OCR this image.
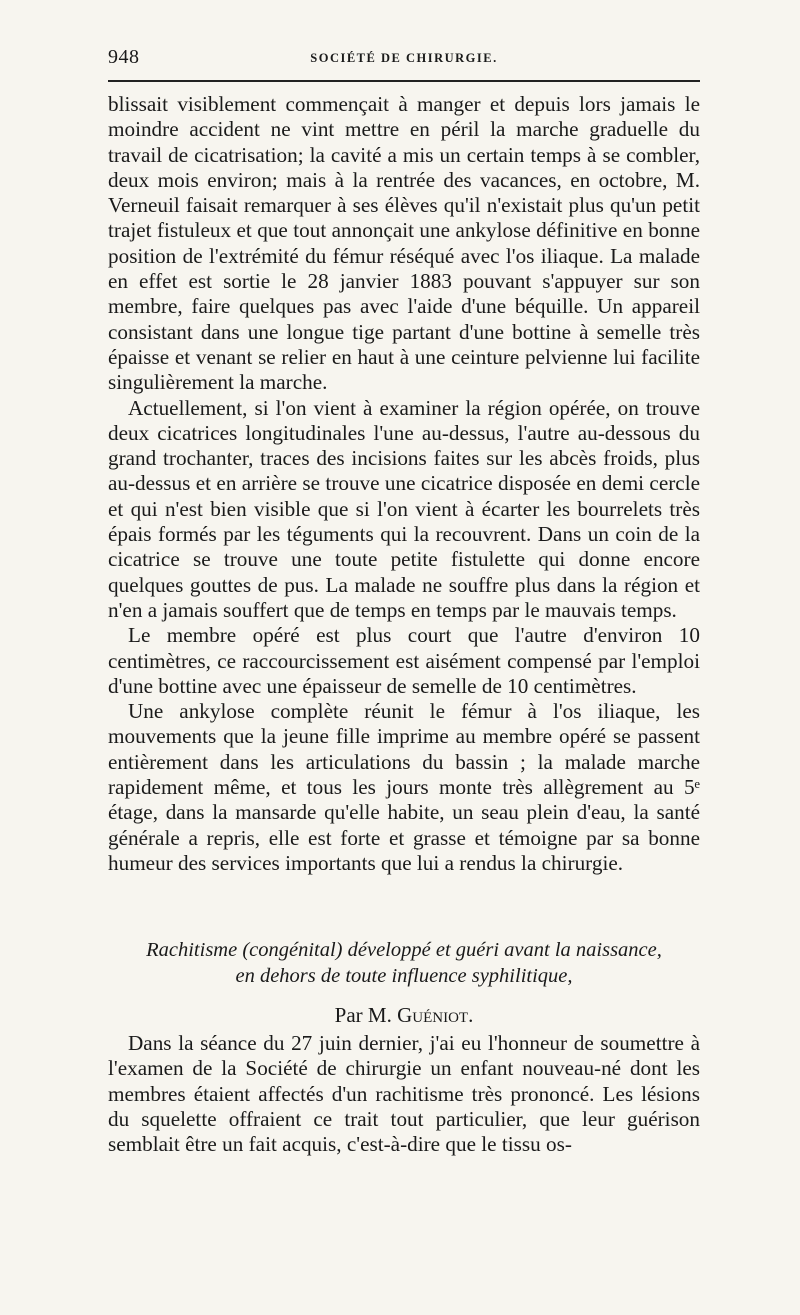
948	SOCIÉTÉ DE CHIRURGIE.

blissait visiblement commençait à manger et depuis lors jamais le moindre accident ne vint mettre en péril la marche graduelle du travail de cicatrisation; la cavité a mis un certain temps à se combler, deux mois environ; mais à la rentrée des vacances, en octobre, M. Verneuil faisait remarquer à ses élèves qu'il n'existait plus qu'un petit trajet fistuleux et que tout annonçait une ankylose définitive en bonne position de l'extrémité du fémur réséqué avec l'os iliaque. La malade en effet est sortie le 28 janvier 1883 pouvant s'appuyer sur son membre, faire quelques pas avec l'aide d'une béquille. Un appareil consistant dans une longue tige partant d'une bottine à semelle très épaisse et venant se relier en haut à une ceinture pelvienne lui facilite singulièrement la marche.

Actuellement, si l'on vient à examiner la région opérée, on trouve deux cicatrices longitudinales l'une au-dessus, l'autre au-dessous du grand trochanter, traces des incisions faites sur les abcès froids, plus au-dessus et en arrière se trouve une cicatrice disposée en demi cercle et qui n'est bien visible que si l'on vient à écarter les bourrelets très épais formés par les téguments qui la recouvrent. Dans un coin de la cicatrice se trouve une toute petite fistulette qui donne encore quelques gouttes de pus. La malade ne souffre plus dans la région et n'en a jamais souffert que de temps en temps par le mauvais temps.

Le membre opéré est plus court que l'autre d'environ 10 centimètres, ce raccourcissement est aisément compensé par l'emploi d'une bottine avec une épaisseur de semelle de 10 centimètres.

Une ankylose complète réunit le fémur à l'os iliaque, les mouvements que la jeune fille imprime au membre opéré se passent entièrement dans les articulations du bassin ; la malade marche rapidement même, et tous les jours monte très allègrement au 5ᵉ étage, dans la mansarde qu'elle habite, un seau plein d'eau, la santé générale a repris, elle est forte et grasse et témoigne par sa bonne humeur des services importants que lui a rendus la chirurgie.

Rachitisme (congénital) développé et guéri avant la naissance,
en dehors de toute influence syphilitique,
Par M. Guéniot.

Dans la séance du 27 juin dernier, j'ai eu l'honneur de soumettre à l'examen de la Société de chirurgie un enfant nouveau-né dont les membres étaient affectés d'un rachitisme très prononcé. Les lésions du squelette offraient ce trait tout particulier, que leur guérison semblait être un fait acquis, c'est-à-dire que le tissu os-
